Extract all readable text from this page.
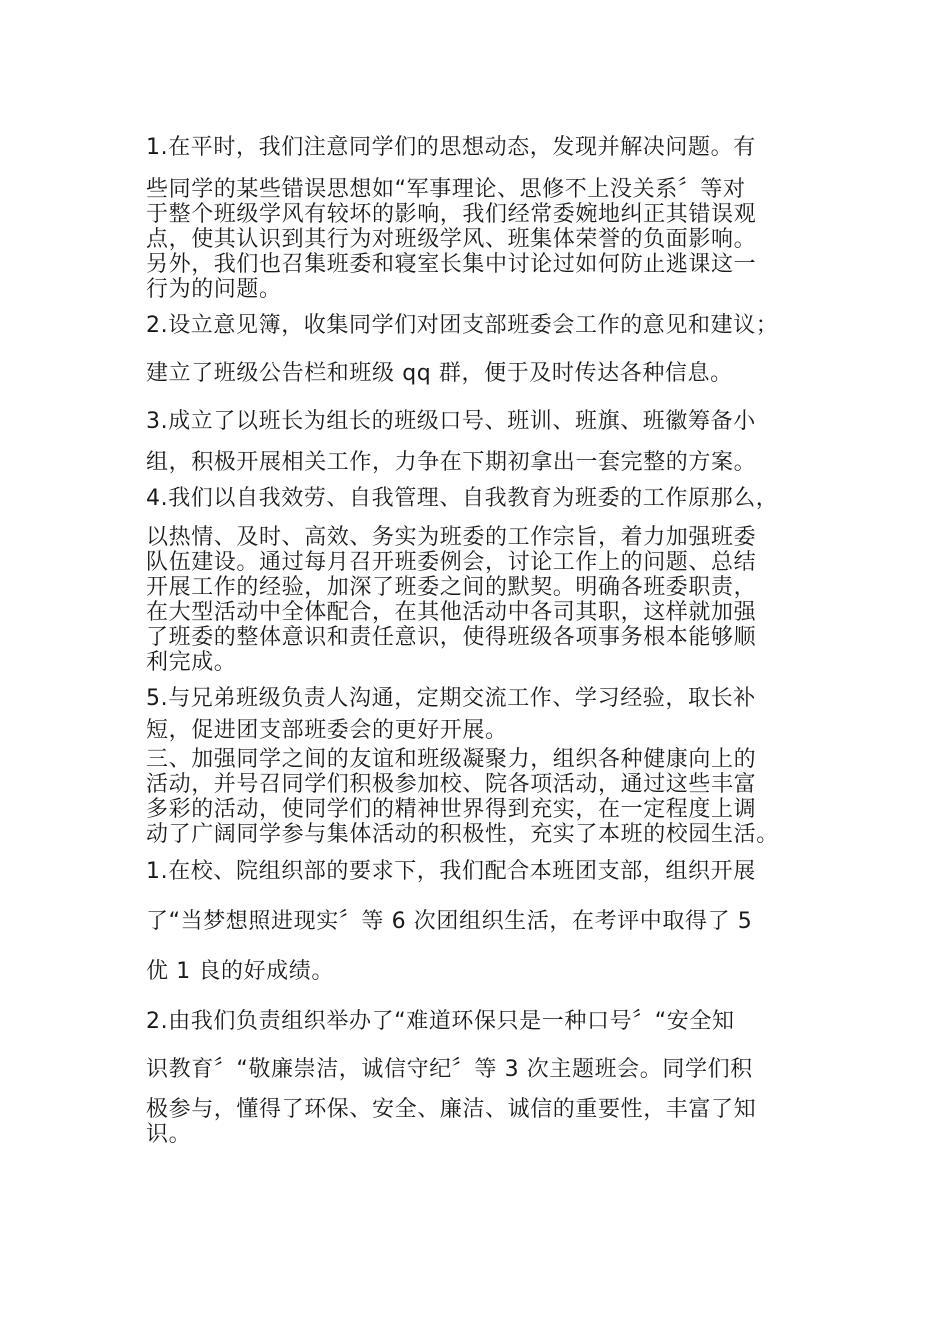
1.在平时，我们注意同学们的思想动态，发现并解决问题。有
些同学的某些错误思想如“军事理论、思修不上没关系〞等对
于整个班级学风有较坏的影响，我们经常委婉地纠正其错误观
点，使其认识到其行为对班级学风、班集体荣誉的负面影响。
另外，我们也召集班委和寝室长集中讨论过如何防止逃课这一
行为的问题。
2.设立意见簿，收集同学们对团支部班委会工作的意见和建议；
建立了班级公告栏和班级 qq 群，便于及时传达各种信息。
3.成立了以班长为组长的班级口号、班训、班旗、班徽筹备小
组，积极开展相关工作，力争在下期初拿出一套完整的方案。
4.我们以自我效劳、自我管理、自我教育为班委的工作原那么，
以热情、及时、高效、务实为班委的工作宗旨，着力加强班委
队伍建设。通过每月召开班委例会，讨论工作上的问题、总结
开展工作的经验，加深了班委之间的默契。明确各班委职责，
在大型活动中全体配合，在其他活动中各司其职，这样就加强
了班委的整体意识和责任意识，使得班级各项事务根本能够顺
利完成。
5.与兄弟班级负责人沟通，定期交流工作、学习经验，取长补
短，促进团支部班委会的更好开展。
三、加强同学之间的友谊和班级凝聚力，组织各种健康向上的
活动，并号召同学们积极参加校、院各项活动，通过这些丰富
多彩的活动，使同学们的精神世界得到充实，在一定程度上调
动了广阔同学参与集体活动的积极性，充实了本班的校园生活。
1.在校、院组织部的要求下，我们配合本班团支部，组织开展
了“当梦想照进现实〞等 6 次团组织生活，在考评中取得了 5
优 1 良的好成绩。
2.由我们负责组织举办了“难道环保只是一种口号〞“安全知
识教育〞“敬廉崇洁，诚信守纪〞等 3 次主题班会。同学们积
极参与，懂得了环保、安全、廉洁、诚信的重要性，丰富了知
识。
